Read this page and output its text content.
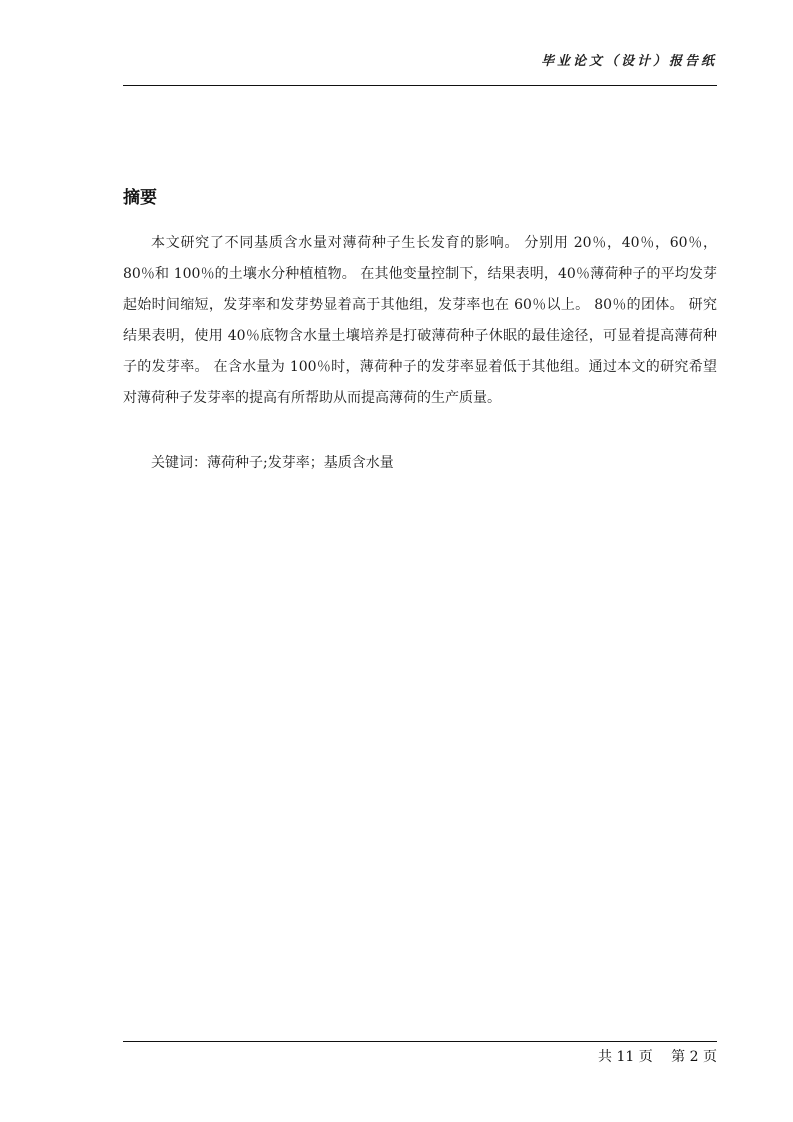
毕业论文（设计）报告纸
摘要

本文研究了不同基质含水量对薄荷种子生长发育的影响。 分别用 20％，40％，60％，80％和 100％的土壤水分种植植物。 在其他变量控制下，结果表明，40％薄荷种子的平均发芽起始时间缩短，发芽率和发芽势显着高于其他组，发芽率也在 60％以上。 80％的团体。 研究结果表明，使用 40％底物含水量土壤培养是打破薄荷种子休眠的最佳途径，可显着提高薄荷种子的发芽率。 在含水量为 100％时，薄荷种子的发芽率显着低于其他组。通过本文的研究希望对薄荷种子发芽率的提高有所帮助从而提高薄荷的生产质量。

关键词：薄荷种子;发芽率；基质含水量

共 11 页　 第 2 页
